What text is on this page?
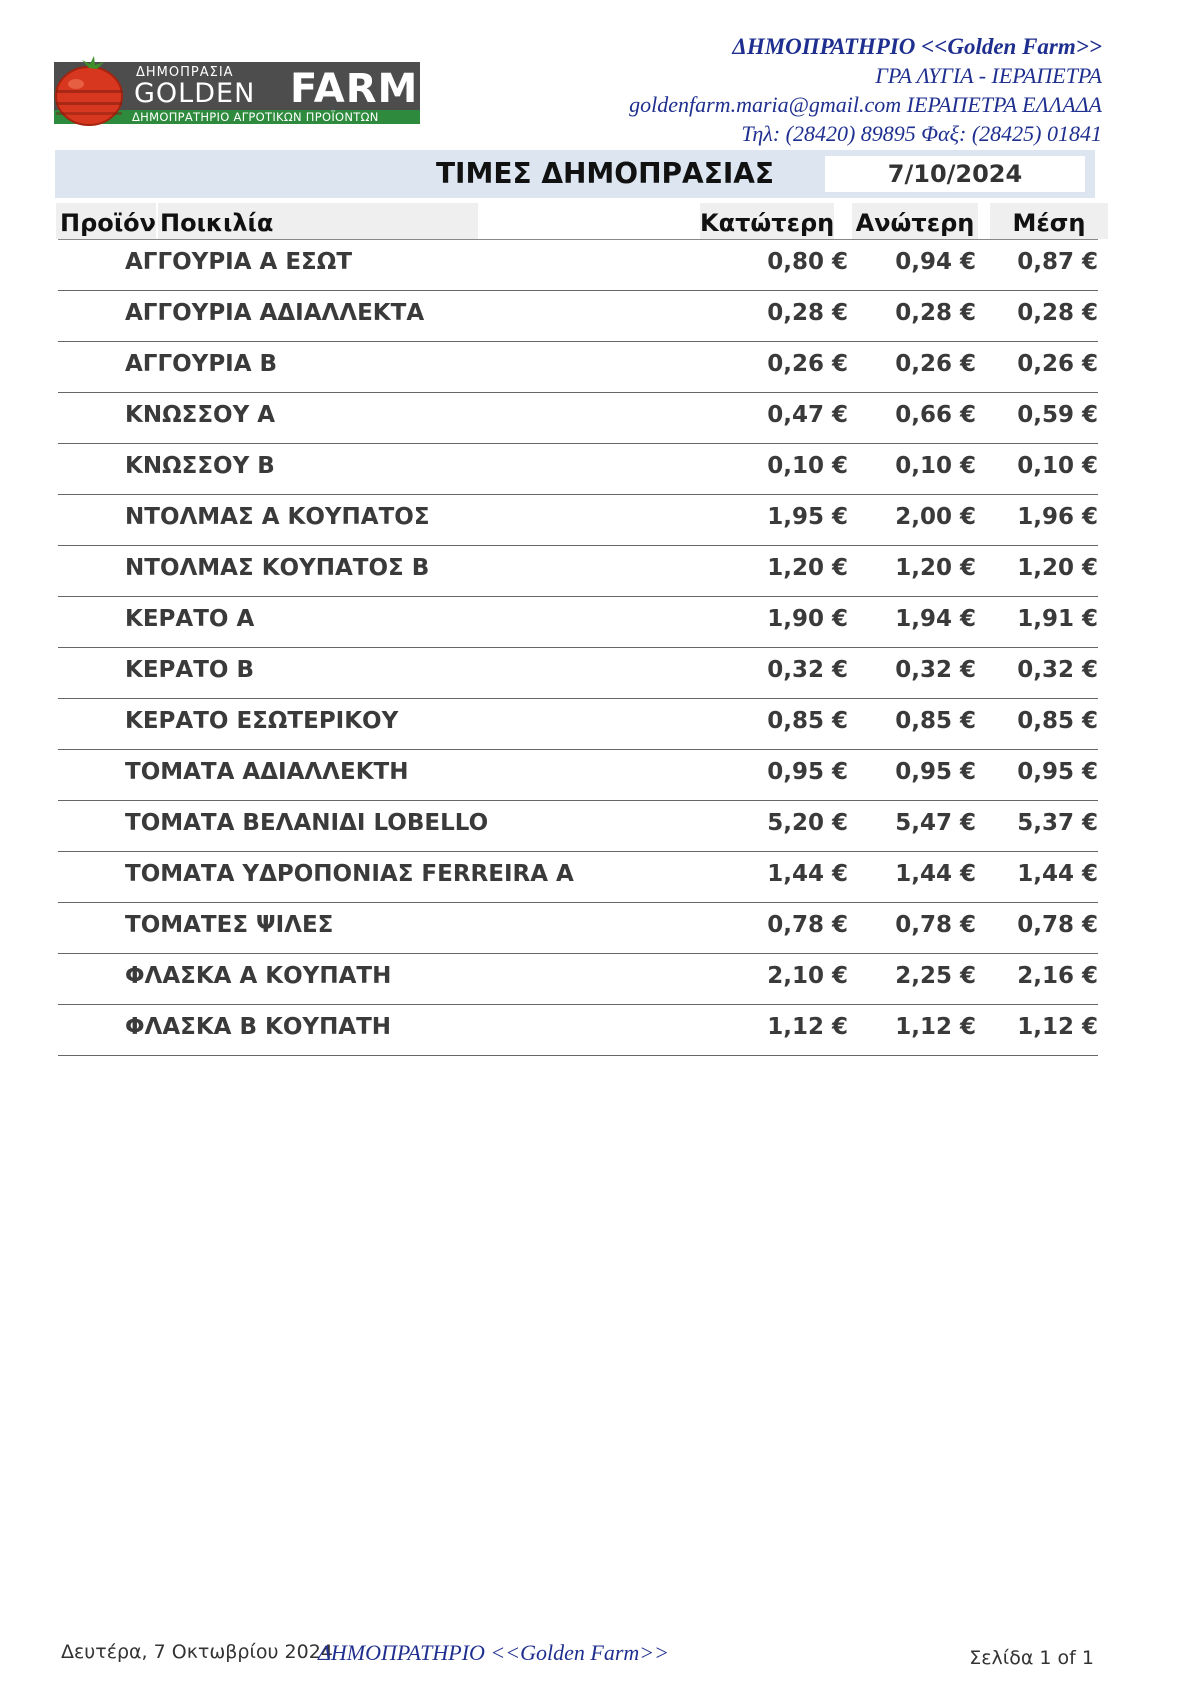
ΔΗΜΟΠΡΑΣΙΑ
GOLDEN FARM
ΔΗΜΟΠΡΑΤΗΡΙΟ ΑΓΡΟΤΙΚΩΝ ΠΡΟΪΟΝΤΩΝ
ΔΗΜΟΠΡΑΤΗΡΙΟ <<Golden Farm>>
ΓΡΑ ΛΥΓΙΑ - ΙΕΡΑΠΕΤΡΑ
goldenfarm.maria@gmail.com ΙΕΡΑΠΕΤΡΑ ΕΛΛΑΔΑ
Τηλ: (28420) 89895 Φαξ: (28425) 01841
ΤΙΜΕΣ ΔΗΜΟΠΡΑΣΙΑΣ	7/10/2024
Προϊόν Ποικιλία	Κατώτερη Ανώτερη	Μέση
ΑΓΓΟΥΡΙΑ Α ΕΣΩΤ	0,80 € 0,94 € 0,87 €
ΑΓΓΟΥΡΙΑ ΑΔΙΑΛΛΕΚΤΑ	0,28 € 0,28 € 0,28 €
ΑΓΓΟΥΡΙΑ Β	0,26 € 0,26 € 0,26 €
ΚΝΩΣΣΟΥ Α	0,47 € 0,66 € 0,59 €
ΚΝΩΣΣΟΥ Β	0,10 € 0,10 € 0,10 €
ΝΤΟΛΜΑΣ Α ΚΟΥΠΑΤΟΣ	1,95 € 2,00 € 1,96 €
ΝΤΟΛΜΑΣ ΚΟΥΠΑΤΟΣ Β	1,20 € 1,20 € 1,20 €
ΚΕΡΑΤΟ Α	1,90 € 1,94 € 1,91 €
ΚΕΡΑΤΟ Β	0,32 € 0,32 € 0,32 €
ΚΕΡΑΤΟ ΕΣΩΤΕΡΙΚΟΥ	0,85 € 0,85 € 0,85 €
ΤΟΜΑΤΑ ΑΔΙΑΛΛΕΚΤΗ	0,95 € 0,95 € 0,95 €
ΤΟΜΑΤΑ ΒΕΛΑΝΙΔΙ LOBELLO	5,20 € 5,47 € 5,37 €
ΤΟΜΑΤΑ ΥΔΡΟΠΟΝΙΑΣ FERREIRA Α	1,44 € 1,44 € 1,44 €
ΤΟΜΑΤΕΣ ΨΙΛΕΣ	0,78 € 0,78 € 0,78 €
ΦΛΑΣΚΑ Α ΚΟΥΠΑΤΗ	2,10 € 2,25 € 2,16 €
ΦΛΑΣΚΑ Β ΚΟΥΠΑΤΗ	1,12 € 1,12 € 1,12 €
Δευτέρα, 7 Οκτωβρίου 2024
ΔΗΜΟΠΡΑΤΗΡΙΟ <<Golden Farm>>	Σελίδα 1 of 1
